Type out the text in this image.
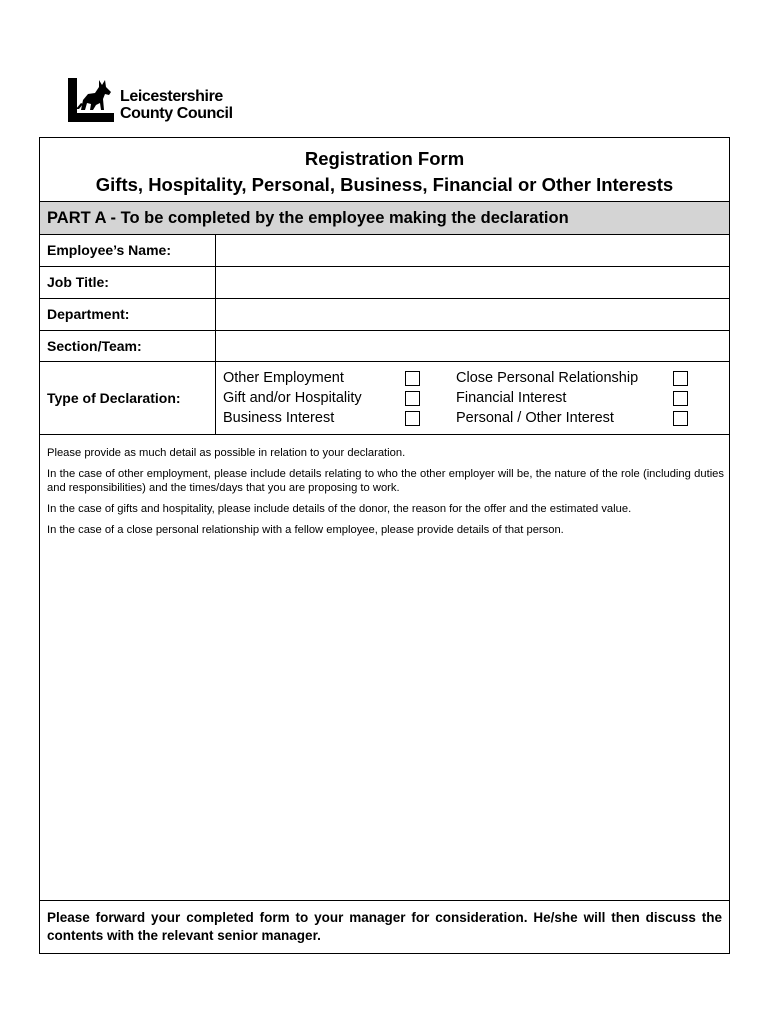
Leicestershire
County Council
Registration Form
Gifts, Hospitality, Personal, Business, Financial or Other Interests
PART A - To be completed by the employee making the declaration
Employee’s Name:
Job Title:
Department:
Section/Team:
Type of Declaration:
Other Employment
Gift and/or Hospitality
Business Interest
Close Personal Relationship
Financial Interest
Personal / Other Interest

Please provide as much detail as possible in relation to your declaration.

In the case of other employment, please include details relating to who the other employer will be, the nature of the role (including duties and responsibilities) and the times/days that you are proposing to work.

In the case of gifts and hospitality, please include details of the donor, the reason for the offer and the estimated value.

In the case of a close personal relationship with a fellow employee, please provide details of that person.

Please forward your completed form to your manager for consideration. He/she will then discuss the contents with the relevant senior manager.
